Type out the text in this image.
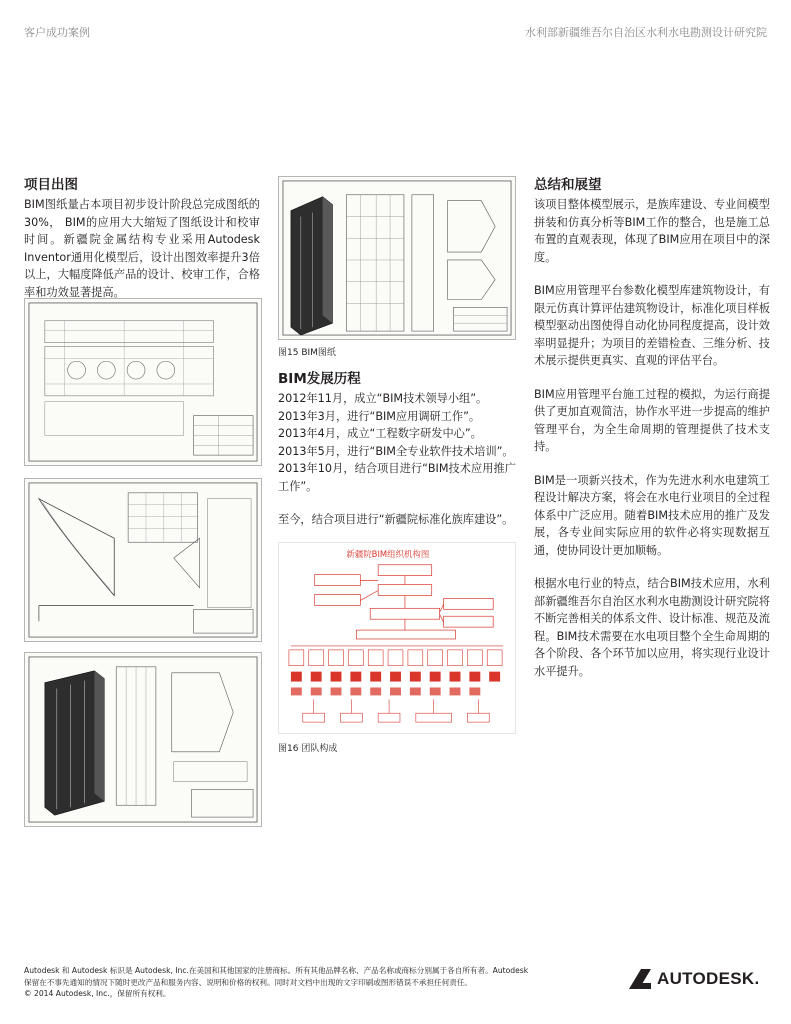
客户成功案例	水利部新疆维吾尔自治区水利水电勘测设计研究院
项目出图

BIM图纸量占本项目初步设计阶段总完成图纸的30%， BIM的应用大大缩短了图纸设计和校审时间。新疆院金属结构专业采用Autodesk Inventor通用化模型后，设计出图效率提升3倍以上，大幅度降低产品的设计、校审工作，合格率和功效显著提高。

图15 BIM图纸
BIM发展历程

2012年11月，成立“BIM技术领导小组”。

2013年3月，进行“BIM应用调研工作”。

2013年4月，成立“工程数字研发中心”。

2013年5月，进行“BIM全专业软件技术培训”。

2013年10月，结合项目进行“BIM技术应用推广工作”。

至今，结合项目进行“新疆院标准化族库建设”。

新疆院BIM组织机构图
图16 团队构成
总结和展望

该项目整体模型展示，是族库建设、专业间模型拼装和仿真分析等BIM工作的整合，也是施工总布置的直观表现，体现了BIM应用在项目中的深度。

BIM应用管理平台参数化模型库建筑物设计，有限元仿真计算评估建筑物设计，标准化项目样板模型驱动出图使得自动化协同程度提高，设计效率明显提升；为项目的差错检查、三维分析、技术展示提供更真实、直观的评估平台。

BIM应用管理平台施工过程的模拟，为运行商提供了更加直观简洁，协作水平进一步提高的维护管理平台，为全生命周期的管理提供了技术支持。

BIM是一项新兴技术，作为先进水利水电建筑工程设计解决方案，将会在水电行业项目的全过程体系中广泛应用。随着BIM技术应用的推广及发展，各专业间实际应用的软件必将实现数据互通，使协同设计更加顺畅。

根据水电行业的特点，结合BIM技术应用，水利部新疆维吾尔自治区水利水电勘测设计研究院将不断完善相关的体系文件、设计标准、规范及流程。BIM技术需要在水电项目整个全生命周期的各个阶段、各个环节加以应用，将实现行业设计水平提升。

Autodesk 和 Autodesk 标识是 Autodesk, Inc.在美国和其他国家的注册商标。所有其他品牌名称、产品名称或商标分别属于各自所有者。Autodesk
保留在不事先通知的情况下随时更改产品和服务内容、说明和价格的权利。同时对文档中出现的文字印刷或图形错误不承担任何责任。
© 2014 Autodesk, Inc.，保留所有权利。
AUTODESK.
